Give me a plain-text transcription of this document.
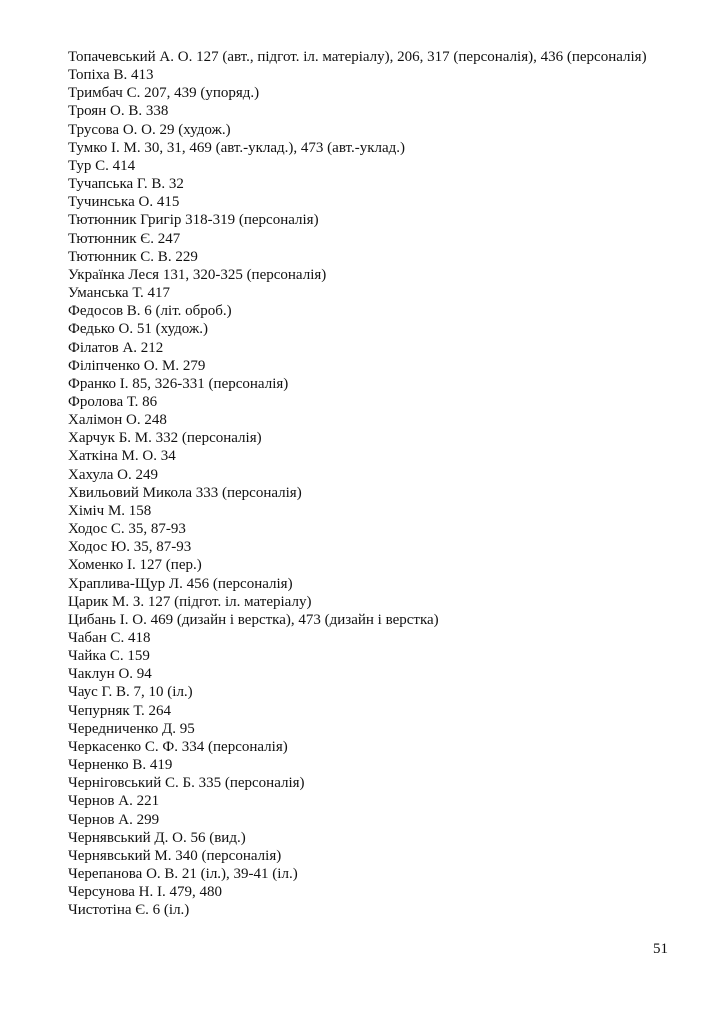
Топачевський А. О. 127 (авт., підгот. іл. матеріалу), 206, 317 (персоналія), 436 (персоналія)
Топіха В. 413
Тримбач С. 207, 439 (упоряд.)
Троян О. В. 338
Трусова О. О. 29 (худож.)
Тумко І. М. 30, 31, 469 (авт.-уклад.), 473 (авт.-уклад.)
Тур С. 414
Тучапська Г. В. 32
Тучинська О. 415
Тютюнник Григір 318-319 (персоналія)
Тютюнник Є. 247
Тютюнник С. В. 229
Українка Леся 131, 320-325 (персоналія)
Уманська Т. 417
Федосов В. 6 (літ. оброб.)
Федько О. 51 (худож.)
Філатов А. 212
Філіпченко О. М. 279
Франко І. 85, 326-331 (персоналія)
Фролова Т. 86
Халімон О. 248
Харчук Б. М. 332 (персоналія)
Хаткіна М. О. 34
Хахула О. 249
Хвильовий Микола 333 (персоналія)
Хіміч М. 158
Ходос С. 35, 87-93
Ходос Ю. 35, 87-93
Хоменко І. 127 (пер.)
Храплива-Щур Л. 456 (персоналія)
Царик М. З. 127 (підгот. іл. матеріалу)
Цибань І. О. 469 (дизайн і верстка), 473 (дизайн і верстка)
Чабан С. 418
Чайка С. 159
Чаклун О. 94
Чаус Г. В. 7, 10 (іл.)
Чепурняк Т. 264
Чередниченко Д. 95
Черкасенко С. Ф. 334 (персоналія)
Черненко В. 419
Черніговський С. Б. 335 (персоналія)
Чернов А. 221
Чернов А. 299
Чернявський Д. О. 56 (вид.)
Чернявський М. 340 (персоналія)
Черепанова О. В. 21 (іл.), 39-41 (іл.)
Черсунова Н. І. 479, 480
Чистотіна Є. 6 (іл.)
51
